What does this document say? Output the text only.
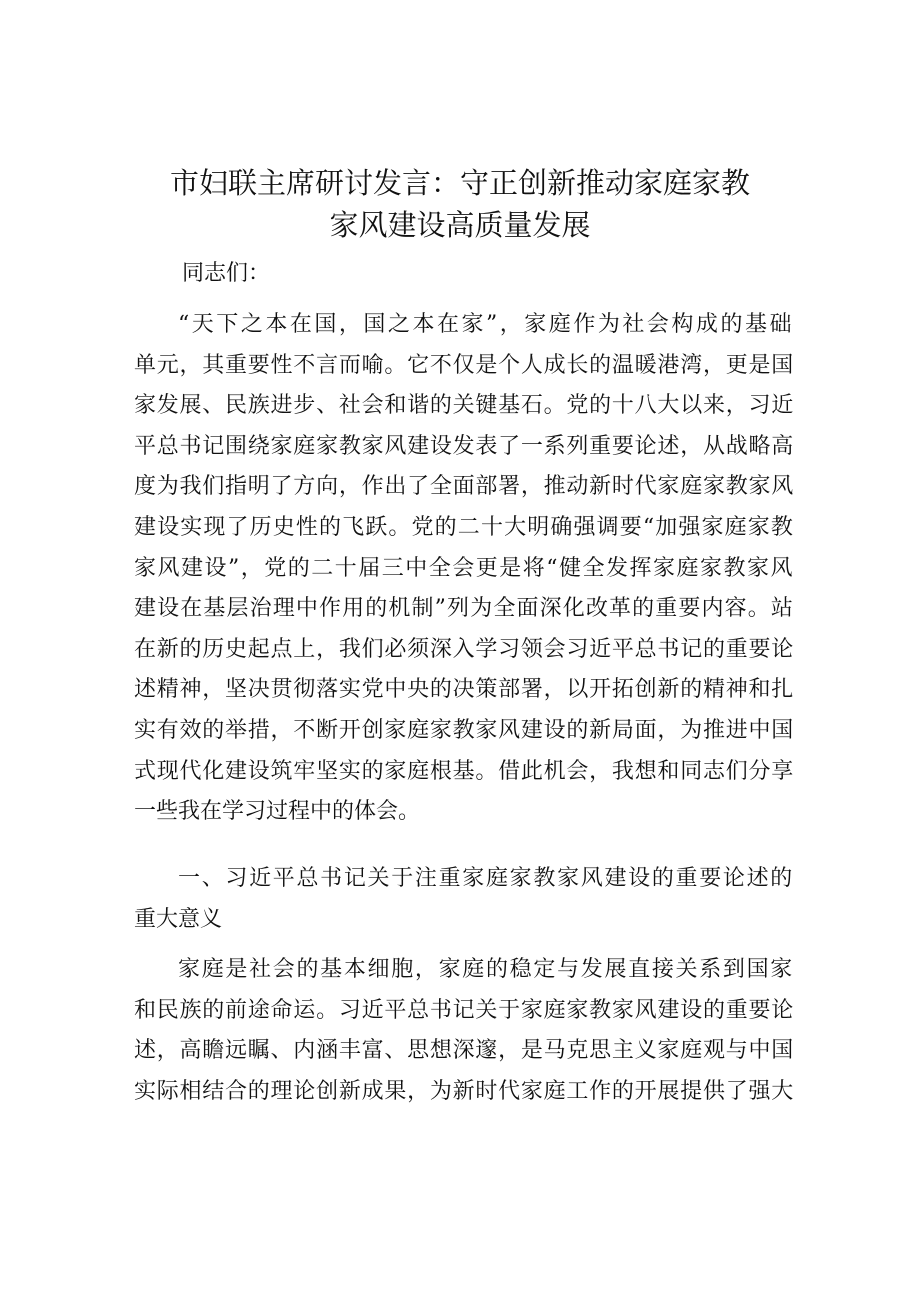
市妇联主席研讨发言：守正创新推动家庭家教
家风建设高质量发展
同志们：
“天下之本在国，国之本在家”，家庭作为社会构成的基础
单元，其重要性不言而喻。它不仅是个人成长的温暖港湾，更是国
家发展、民族进步、社会和谐的关键基石。党的十八大以来，习近
平总书记围绕家庭家教家风建设发表了一系列重要论述，从战略高
度为我们指明了方向，作出了全面部署，推动新时代家庭家教家风
建设实现了历史性的飞跃。党的二十大明确强调要“加强家庭家教
家风建设”，党的二十届三中全会更是将“健全发挥家庭家教家风
建设在基层治理中作用的机制”列为全面深化改革的重要内容。站
在新的历史起点上，我们必须深入学习领会习近平总书记的重要论
述精神，坚决贯彻落实党中央的决策部署，以开拓创新的精神和扎
实有效的举措，不断开创家庭家教家风建设的新局面，为推进中国
式现代化建设筑牢坚实的家庭根基。借此机会，我想和同志们分享
一些我在学习过程中的体会。
一、习近平总书记关于注重家庭家教家风建设的重要论述的
重大意义
家庭是社会的基本细胞，家庭的稳定与发展直接关系到国家
和民族的前途命运。习近平总书记关于家庭家教家风建设的重要论
述，高瞻远瞩、内涵丰富、思想深邃，是马克思主义家庭观与中国
实际相结合的理论创新成果，为新时代家庭工作的开展提供了强大
